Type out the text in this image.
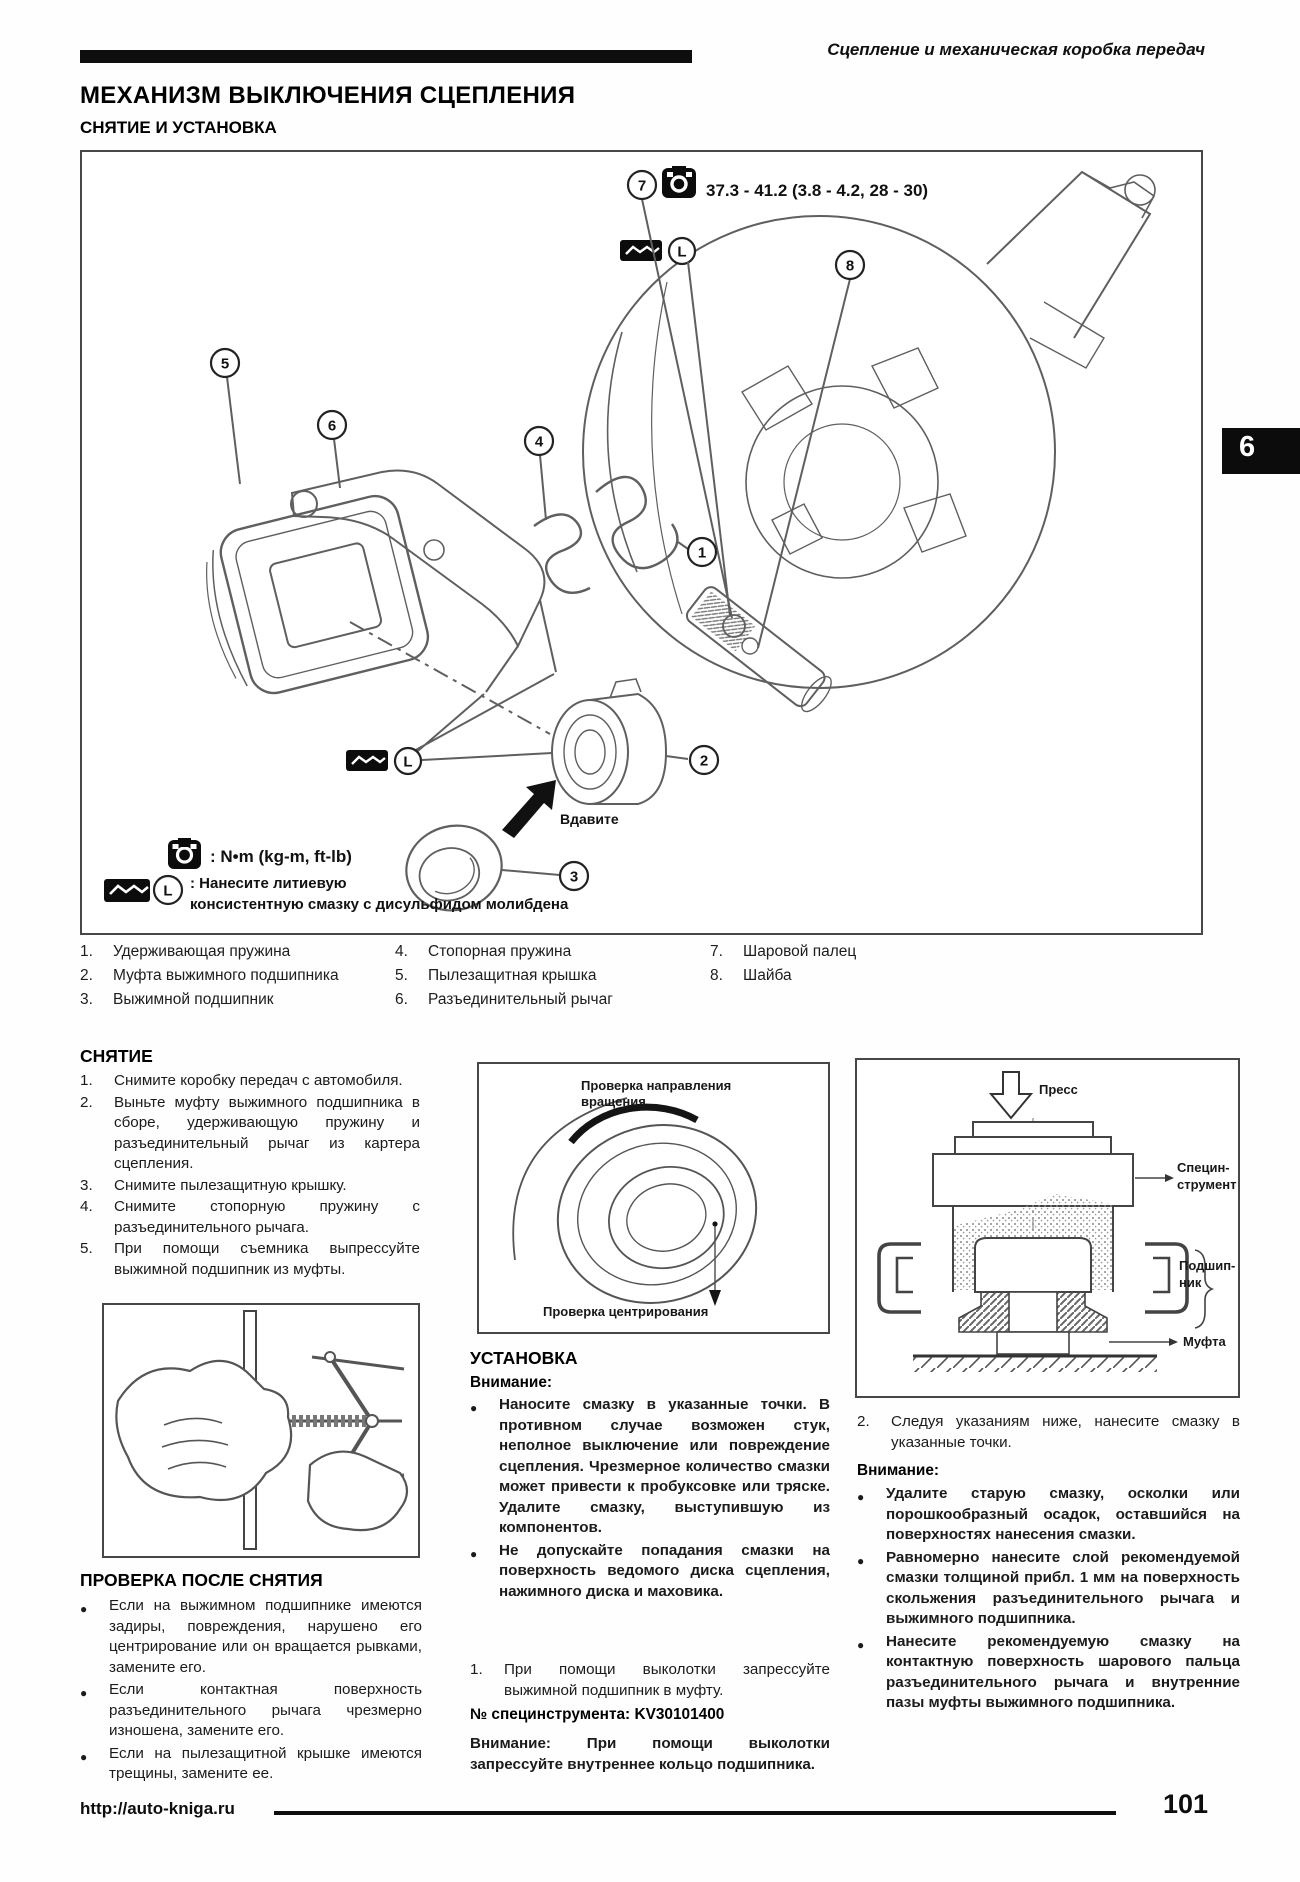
Сцепление и механическая коробка передач
МЕХАНИЗМ ВЫКЛЮЧЕНИЯ СЦЕПЛЕНИЯ
СНЯТИЕ И УСТАНОВКА
6
37.3 - 41.2 (3.8 - 4.2, 28 - 30)
L
L
Вдавите
5
6
4
7
8
1
2
3
: N•m (kg-m, ft-lb)
L : Нанесите литиевую
консистентную смазку с дисульфидом молибдена
1.	Удерживающая пружина
2.	Муфта выжимного подшипника
3.	Выжимной подшипник
4.	Стопорная пружина
5.	Пылезащитная крышка
6.	Разъединительный рычаг
7.	Шаровой палец
8.	Шайба
СНЯТИЕ
1.	Снимите коробку передач с автомобиля.
2.	Выньте муфту выжимного подшипника в сборе, удерживающую пружину и разъединительный рычаг из картера сцепления.
3.	Снимите пылезащитную крышку.
4.	Снимите стопорную пружину с разъединительного рычага.
5.	При помощи съемника выпрессуйте выжимной подшипник из муфты.
ПРОВЕРКА ПОСЛЕ СНЯТИЯ
●
Если на выжимном подшипнике имеются задиры, повреждения, нарушено его центрирование или он вращается рывками, замените его.
●
Если контактная поверхность разъединительного рычага чрезмерно изношена, замените его.
●
Если на пылезащитной крышке имеются трещины, замените ее.
Проверка направления
вращения
Проверка центрирования
УСТАНОВКА
Внимание:
●
Наносите смазку в указанные точки. В противном случае возможен стук, неполное выключение или повреждение сцепления. Чрезмерное количество смазки может привести к пробуксовке или тряске. Удалите смазку, выступившую из компонентов.
●
Не допускайте попадания смазки на поверхность ведомого диска сцепления, нажимного диска и маховика.
1.	При помощи выколотки запрессуйте выжимной подшипник в муфту.
№ специнструмента: KV30101400
Внимание: При помощи выколотки запрессуйте внутреннее кольцо подшипника.
Пресс
Специн-
струмент
Подшип-
ник
Муфта
2.	Следуя указаниям ниже, нанесите смазку в указанные точки.
Внимание:
●
Удалите старую смазку, осколки или порошкообразный осадок, оставшийся на поверхностях нанесения смазки.
●
Равномерно нанесите слой рекомендуемой смазки толщиной прибл. 1 мм на поверхность скольжения разъединительного рычага и выжимного подшипника.
●
Нанесите рекомендуемую смазку на контактную поверхность шарового пальца разъединительного рычага и внутренние пазы муфты выжимного подшипника.
http://auto-kniga.ru	101
